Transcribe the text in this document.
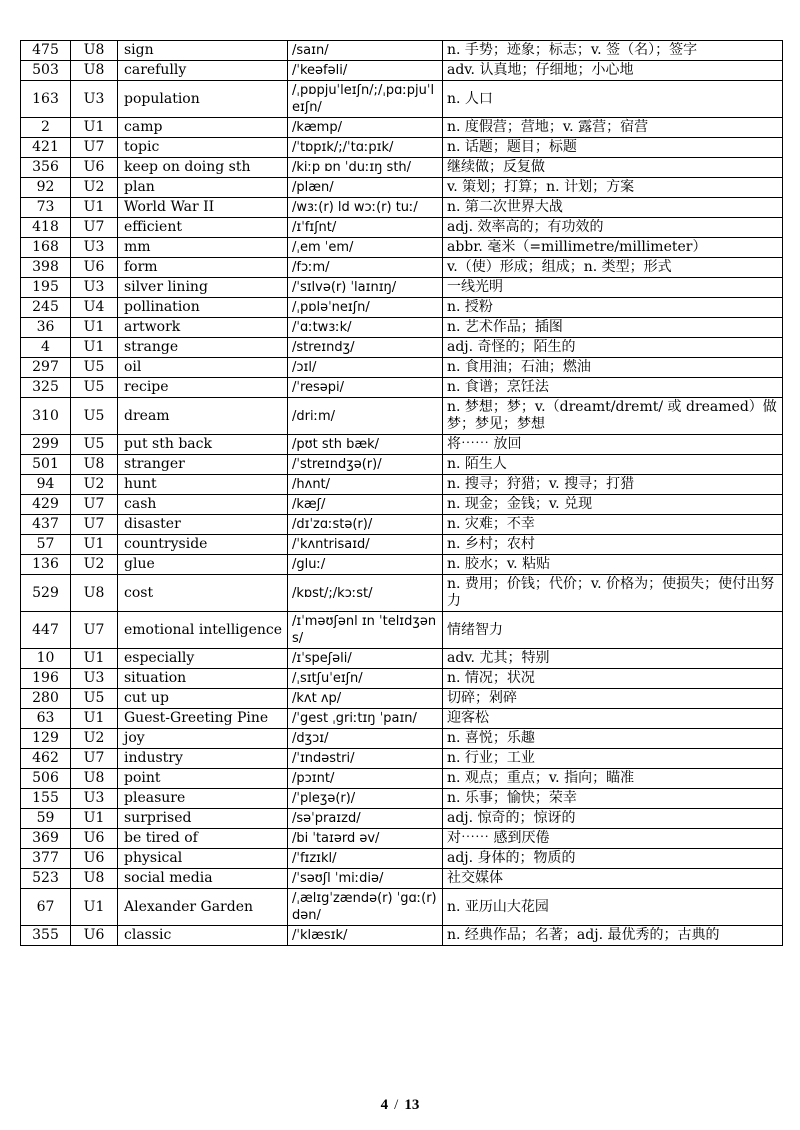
475	U8	sign	/saɪn/	n. 手势；迹象；标志；v. 签（名）；签字
503	U8	carefully	/ˈkeəfəli/	adv. 认真地；仔细地；小心地
163	U3	population	/ˌpɒpjuˈleɪʃn/;/ˌpɑːpjuˈleɪʃn/	n. 人口
2	U1	camp	/kæmp/	n. 度假营；营地；v. 露营；宿营
421	U7	topic	/ˈtɒpɪk/;/ˈtɑːpɪk/	n. 话题；题目；标题
356	U6	keep on doing sth	/kiːp ɒn ˈduːɪŋ sth/	继续做；反复做
92	U2	plan	/plæn/	v. 策划；打算；n. 计划；方案
73	U1	World War II	/wɜː(r) ld wɔː(r) tuː/	n. 第二次世界大战
418	U7	efficient	/ɪˈfɪʃnt/	adj. 效率高的；有功效的
168	U3	mm	/ˌem ˈem/	abbr. 毫米（=millimetre/millimeter）
398	U6	form	/fɔːm/	v.（使）形成；组成；n. 类型；形式
195	U3	silver lining	/ˈsɪlvə(r) ˈlaɪnɪŋ/	一线光明
245	U4	pollination	/ˌpɒləˈneɪʃn/	n. 授粉
36	U1	artwork	/ˈɑːtwɜːk/	n. 艺术作品；插图
4	U1	strange	/streɪndʒ/	adj. 奇怪的；陌生的
297	U5	oil	/ɔɪl/	n. 食用油；石油；燃油
325	U5	recipe	/ˈresəpi/	n. 食谱；烹饪法
310	U5	dream	/driːm/	n. 梦想；梦；v.（dreamt/dremt/ 或 dreamed）做梦；梦见；梦想
299	U5	put sth back	/pʊt sth bæk/	将⋯⋯ 放回
501	U8	stranger	/ˈstreɪndʒə(r)/	n. 陌生人
94	U2	hunt	/hʌnt/	n. 搜寻；狩猎；v. 搜寻；打猎
429	U7	cash	/kæʃ/	n. 现金；金钱；v. 兑现
437	U7	disaster	/dɪˈzɑːstə(r)/	n. 灾难；不幸
57	U1	countryside	/ˈkʌntrisaɪd/	n. 乡村；农村
136	U2	glue	/gluː/	n. 胶水；v. 粘贴
529	U8	cost	/kɒst/;/kɔːst/	n. 费用；价钱；代价；v. 价格为；使损失；使付出努力
447	U7	emotional intelligence	/ɪˈməʊʃənl ɪn ˈtelɪdʒəns/	情绪智力
10	U1	especially	/ɪˈspeʃəli/	adv. 尤其；特别
196	U3	situation	/ˌsɪtʃuˈeɪʃn/	n. 情况；状况
280	U5	cut up	/kʌt ʌp/	切碎；剁碎
63	U1	Guest-Greeting Pine	/ˈgest ˌgriːtɪŋ ˈpaɪn/	迎客松
129	U2	joy	/dʒɔɪ/	n. 喜悦；乐趣
462	U7	industry	/ˈɪndəstri/	n. 行业；工业
506	U8	point	/pɔɪnt/	n. 观点；重点；v. 指向；瞄准
155	U3	pleasure	/ˈpleʒə(r)/	n. 乐事；愉快；荣幸
59	U1	surprised	/səˈpraɪzd/	adj. 惊奇的；惊讶的
369	U6	be tired of	/bi ˈtaɪərd əv/	对⋯⋯ 感到厌倦
377	U6	physical	/ˈfɪzɪkl/	adj. 身体的；物质的
523	U8	social media	/ˈsəʊʃl ˈmiːdiə/	社交媒体
67	U1	Alexander Garden	/ˌælɪgˈzændə(r) ˈgɑː(r) dən/	n. 亚历山大花园
355	U6	classic	/ˈklæsɪk/	n. 经典作品；名著；adj. 最优秀的；古典的
4 / 13
